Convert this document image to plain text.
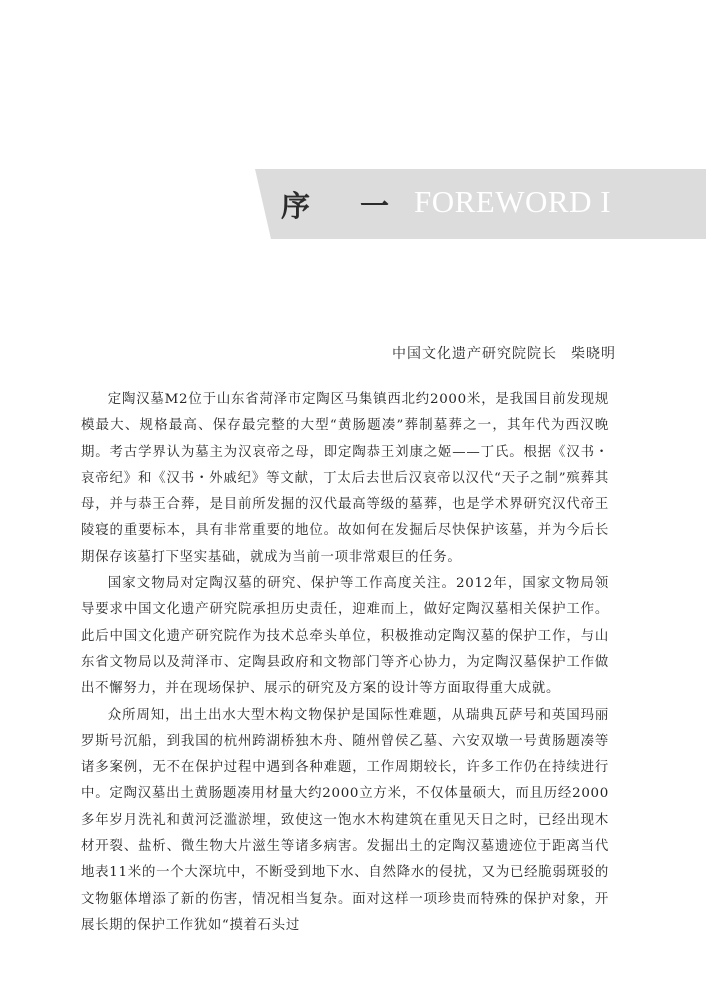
序 一 FOREWORD I
中国文化遗产研究院院长 柴晓明

定陶汉墓M2位于山东省菏泽市定陶区马集镇西北约2000米，是我国目前发现规模最大、规格最高、保存最完整的大型“黄肠题凑”葬制墓葬之一，其年代为西汉晚期。考古学界认为墓主为汉哀帝之母，即定陶恭王刘康之姬——丁氏。根据《汉书・哀帝纪》和《汉书・外戚纪》等文献，丁太后去世后汉哀帝以汉代“天子之制”殡葬其母，并与恭王合葬，是目前所发掘的汉代最高等级的墓葬，也是学术界研究汉代帝王陵寝的重要标本，具有非常重要的地位。故如何在发掘后尽快保护该墓，并为今后长期保存该墓打下坚实基础，就成为当前一项非常艰巨的任务。

国家文物局对定陶汉墓的研究、保护等工作高度关注。2012年，国家文物局领导要求中国文化遗产研究院承担历史责任，迎难而上，做好定陶汉墓相关保护工作。此后中国文化遗产研究院作为技术总牵头单位，积极推动定陶汉墓的保护工作，与山东省文物局以及菏泽市、定陶县政府和文物部门等齐心协力，为定陶汉墓保护工作做出不懈努力，并在现场保护、展示的研究及方案的设计等方面取得重大成就。

众所周知，出土出水大型木构文物保护是国际性难题，从瑞典瓦萨号和英国玛丽罗斯号沉船，到我国的杭州跨湖桥独木舟、随州曾侯乙墓、六安双墩一号黄肠题凑等诸多案例，无不在保护过程中遇到各种难题，工作周期较长，许多工作仍在持续进行中。定陶汉墓出土黄肠题凑用材量大约2000立方米，不仅体量硕大，而且历经2000多年岁月洗礼和黄河泛滥淤埋，致使这一饱水木构建筑在重见天日之时，已经出现木材开裂、盐析、微生物大片滋生等诸多病害。发掘出土的定陶汉墓遗迹位于距离当代地表11米的一个大深坑中，不断受到地下水、自然降水的侵扰，又为已经脆弱斑驳的文物躯体增添了新的伤害，情况相当复杂。面对这样一项珍贵而特殊的保护对象，开展长期的保护工作犹如“摸着石头过
